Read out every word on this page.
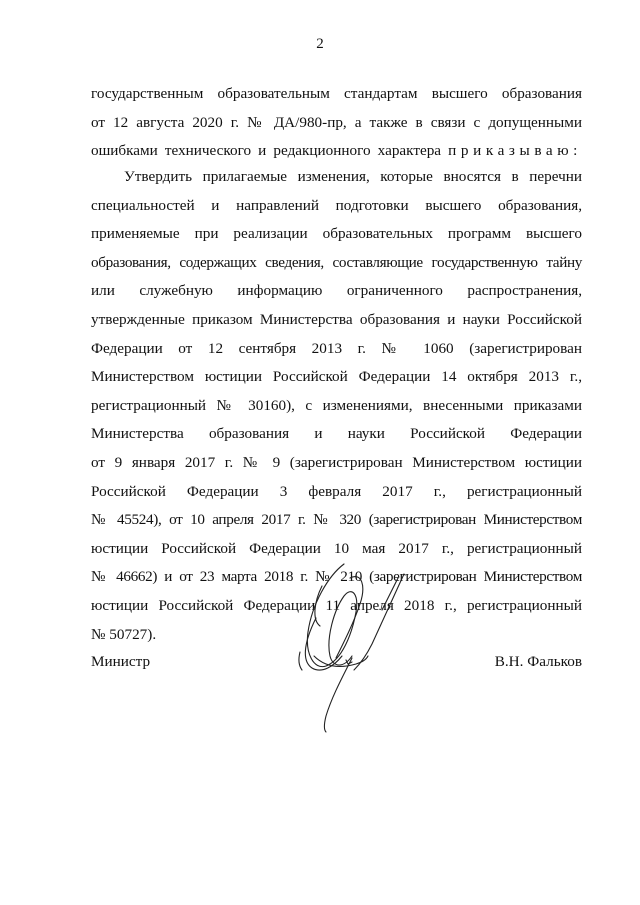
2
государственным образовательным стандартам высшего образования
от 12 августа 2020 г. № ДА/980-пр, а также в связи с допущенными
ошибками технического и редакционного характера приказываю:
Утвердить прилагаемые изменения, которые вносятся в перечни
специальностей и направлений подготовки высшего образования,
применяемые при реализации образовательных программ высшего
образования, содержащих сведения, составляющие государственную тайну
или служебную информацию ограниченного распространения,
утвержденные приказом Министерства образования и науки Российской
Федерации от 12 сентября 2013 г. № 1060 (зарегистрирован
Министерством юстиции Российской Федерации 14 октября 2013 г.,
регистрационный № 30160), с изменениями, внесенными приказами
Министерства образования и науки Российской Федерации
от 9 января 2017 г. № 9 (зарегистрирован Министерством юстиции
Российской Федерации 3 февраля 2017 г., регистрационный
№ 45524), от 10 апреля 2017 г. № 320 (зарегистрирован Министерством
юстиции Российской Федерации 10 мая 2017 г., регистрационный
№ 46662) и от 23 марта 2018 г. № 210 (зарегистрирован Министерством
юстиции Российской Федерации 11 апреля 2018 г., регистрационный
№ 50727).
Министр	В.Н. Фальков
